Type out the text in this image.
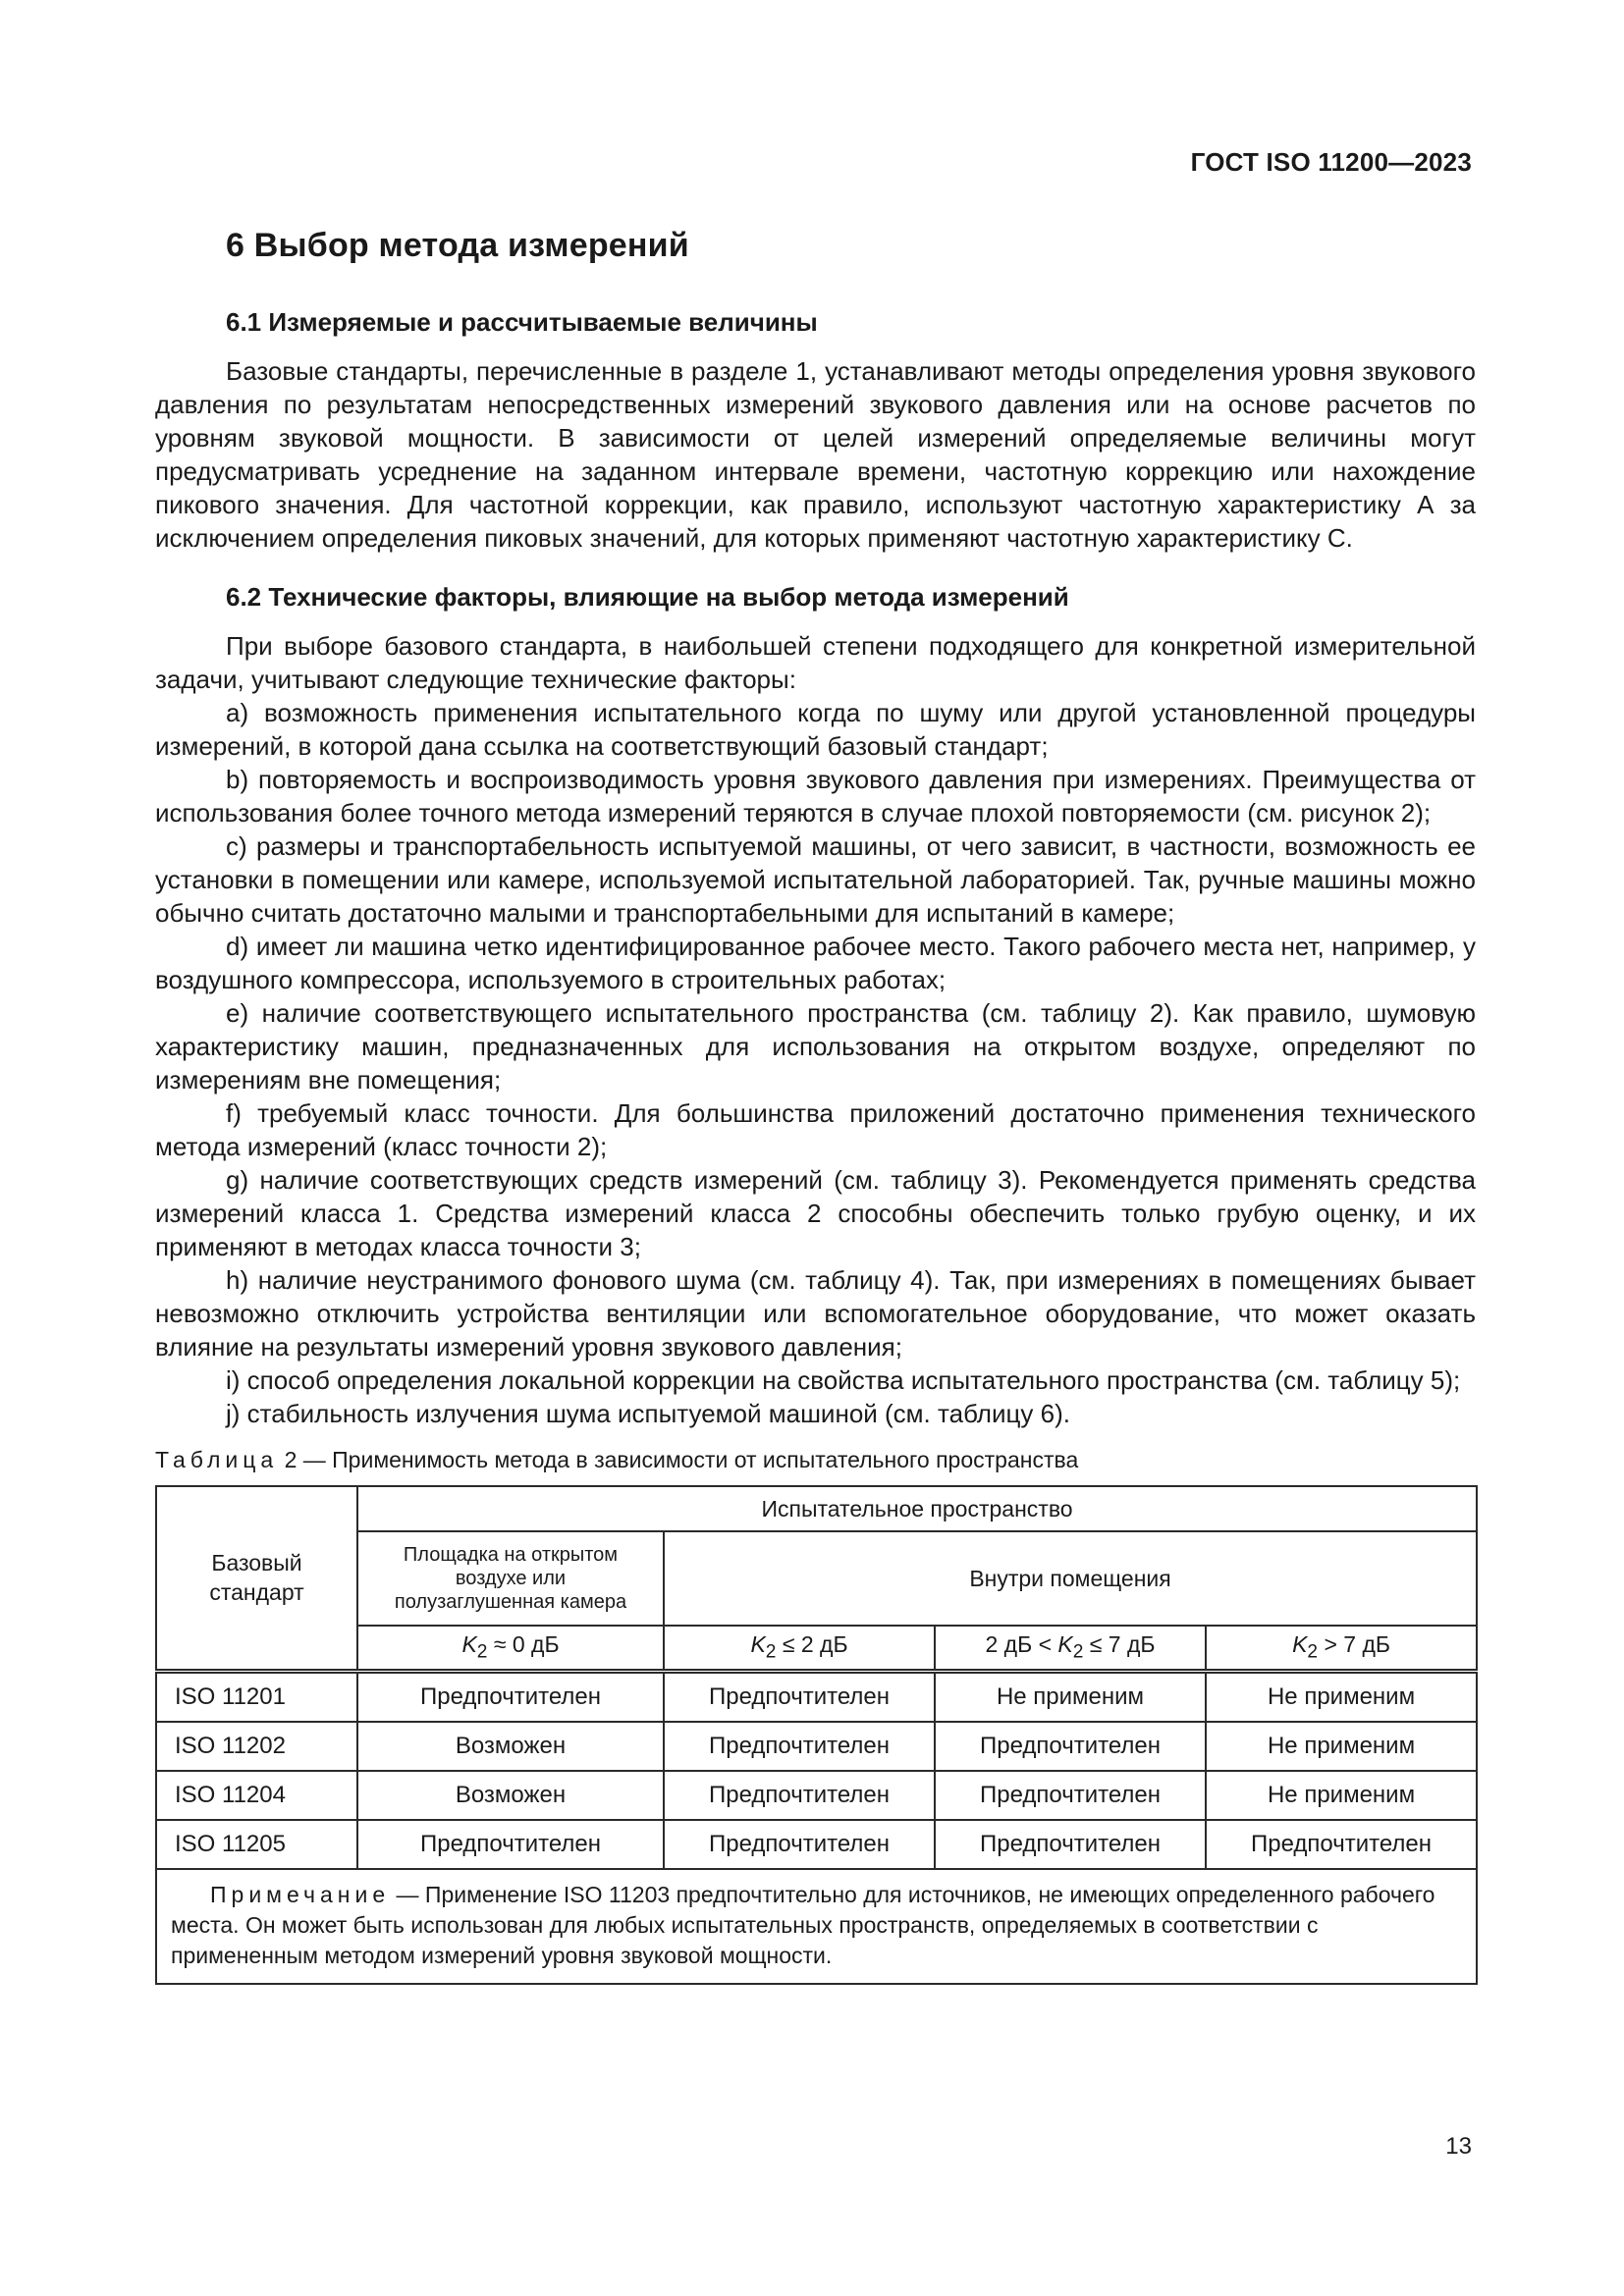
ГОСТ ISO 11200—2023
6 Выбор метода измерений
6.1 Измеряемые и рассчитываемые величины

Базовые стандарты, перечисленные в разделе 1, устанавливают методы определения уровня звукового давления по результатам непосредственных измерений звукового давления или на основе расчетов по уровням звуковой мощности. В зависимости от целей измерений определяемые величины могут предусматривать усреднение на заданном интервале времени, частотную коррекцию или нахождение пикового значения. Для частотной коррекции, как правило, используют частотную характеристику А за исключением определения пиковых значений, для которых применяют частотную характеристику С.

6.2 Технические факторы, влияющие на выбор метода измерений

При выборе базового стандарта, в наибольшей степени подходящего для конкретной измерительной задачи, учитывают следующие технические факторы:

a) возможность применения испытательного когда по шуму или другой установленной процедуры измерений, в которой дана ссылка на соответствующий базовый стандарт;

b) повторяемость и воспроизводимость уровня звукового давления при измерениях. Преимущества от использования более точного метода измерений теряются в случае плохой повторяемости (см. рисунок 2);

c) размеры и транспортабельность испытуемой машины, от чего зависит, в частности, возможность ее установки в помещении или камере, используемой испытательной лабораторией. Так, ручные машины можно обычно считать достаточно малыми и транспортабельными для испытаний в камере;

d) имеет ли машина четко идентифицированное рабочее место. Такого рабочего места нет, например, у воздушного компрессора, используемого в строительных работах;

e) наличие соответствующего испытательного пространства (см. таблицу 2). Как правило, шумовую характеристику машин, предназначенных для использования на открытом воздухе, определяют по измерениям вне помещения;

f) требуемый класс точности. Для большинства приложений достаточно применения технического метода измерений (класс точности 2);

g) наличие соответствующих средств измерений (см. таблицу 3). Рекомендуется применять средства измерений класса 1. Средства измерений класса 2 способны обеспечить только грубую оценку, и их применяют в методах класса точности 3;

h) наличие неустранимого фонового шума (см. таблицу 4). Так, при измерениях в помещениях бывает невозможно отключить устройства вентиляции или вспомогательное оборудование, что может оказать влияние на результаты измерений уровня звукового давления;

i) способ определения локальной коррекции на свойства испытательного пространства (см. таблицу 5);

j) стабильность излучения шума испытуемой машиной (см. таблицу 6).

Таблица 2 — Применимость метода в зависимости от испытательного пространства
Базовый стандарт	Испытательное пространство			
	Площадка на открытом воздухе или полузаглушенная камера	Внутри помещения		
	$K_2 \approx 0$ дБ	$K_2 \le 2$ дБ	2 дБ < $K_2 \le 7$ дБ	$K_2 > 7$ дБ
ISO 11201	Предпочтителен	Предпочтителен	Не применим	Не применим
ISO 11202	Возможен	Предпочтителен	Предпочтителен	Не применим
ISO 11204	Возможен	Предпочтителен	Предпочтителен	Не применим
ISO 11205	Предпочтителен	Предпочтителен	Предпочтителен	Предпочтителен
Примечание — Применение ISO 11203 предпочтительно для источников, не имеющих определенного рабочего места. Он может быть использован для любых испытательных пространств, определяемых в соответствии с примененным методом измерений уровня звуковой мощности.				
13
